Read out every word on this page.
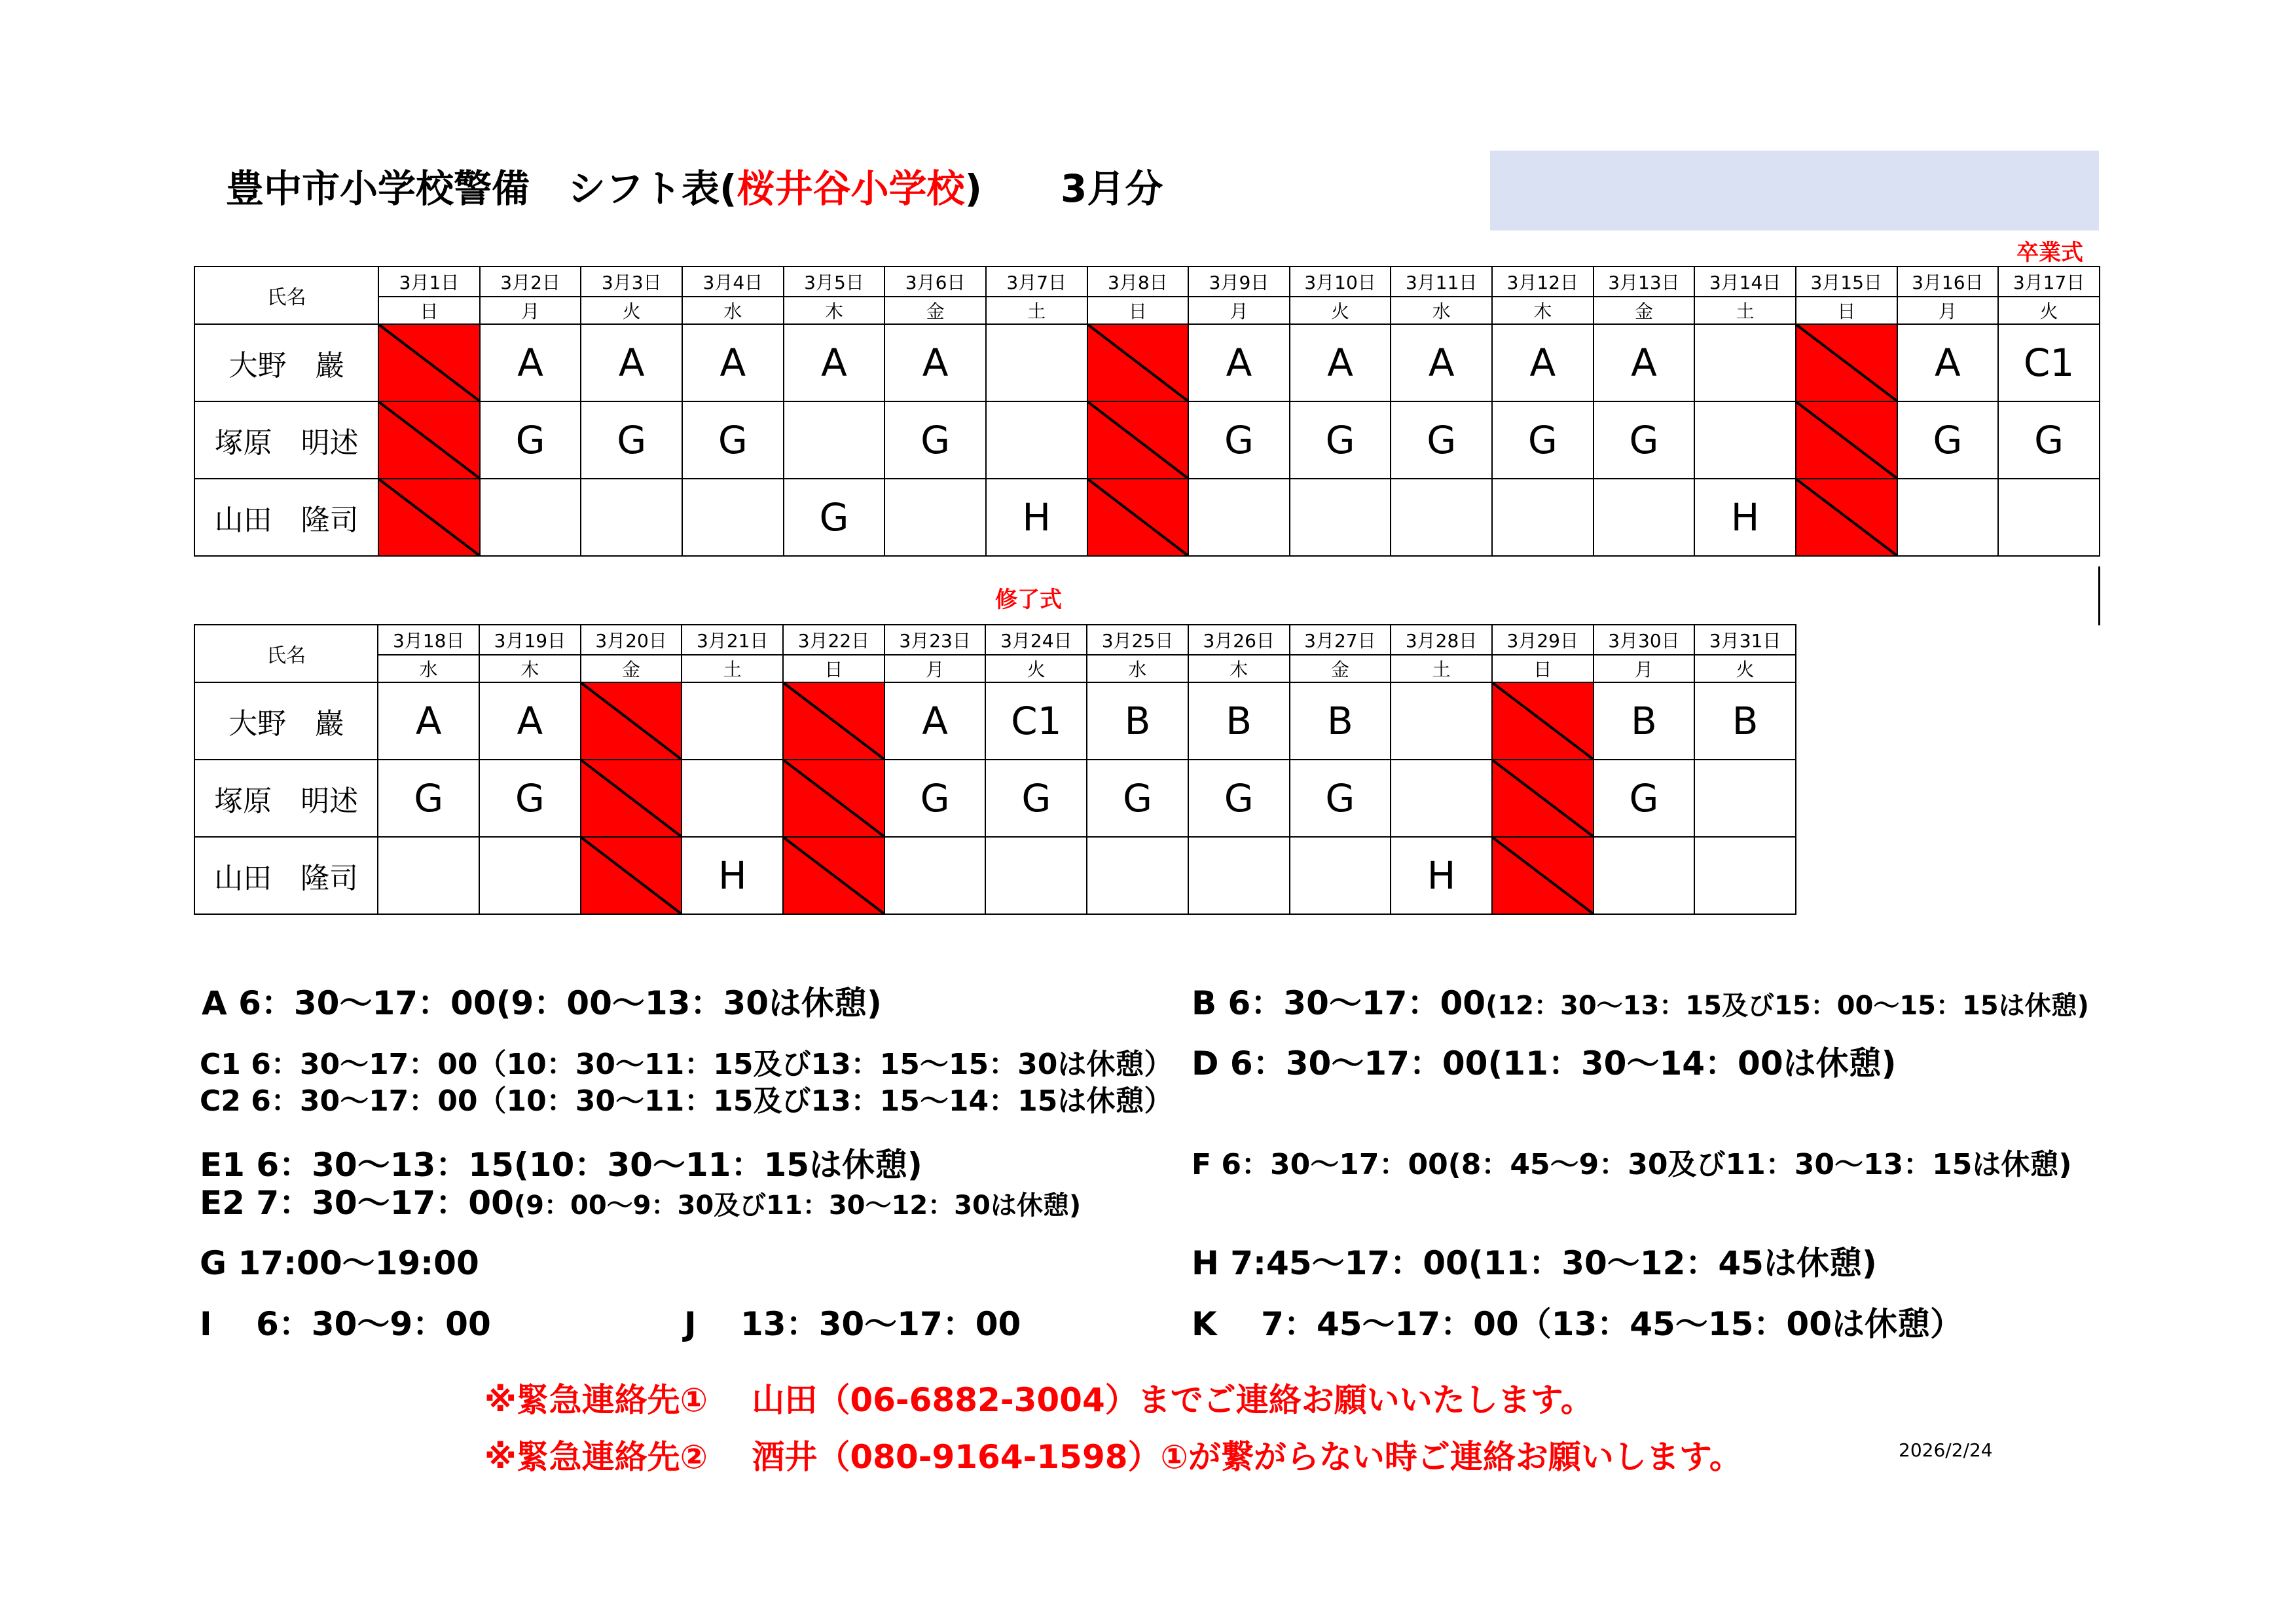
豊中市小学校警備　シフト表(桜井谷小学校) 3月分
卒業式
修了式
氏名	3月1日	3月2日	3月3日	3月4日	3月5日	3月6日	3月7日	3月8日	3月9日	3月10日	3月11日	3月12日	3月13日	3月14日	3月15日	3月16日	3月17日
	日	月	火	水	木	金	土	日	月	火	水	木	金	土	日	月	火
大野　巖		A	A	A	A	A			A	A	A	A	A			A	C1
塚原　明述		G	G	G		G			G	G	G	G	G			G	G
山田　隆司					G		H							H			
氏名	3月18日	3月19日	3月20日	3月21日	3月22日	3月23日	3月24日	3月25日	3月26日	3月27日	3月28日	3月29日	3月30日	3月31日
	水	木	金	土	日	月	火	水	木	金	土	日	月	火
大野　巖	A	A				A	C1	B	B	B			B	B
塚原　明述	G	G				G	G	G	G	G			G	
山田　隆司				H							H			
A 6：30～17：00(9：00～13：30は休憩)	B 6：30～17：00(12：30～13：15及び15：00～15：15は休憩)
C1 6：30～17：00（10：30～11：15及び13：15～15：30は休憩）
C2 6：30～17：00（10：30～11：15及び13：15～14：15は休憩）
D 6：30～17：00(11：30～14：00は休憩)
E1 6：30～13：15(10：30～11：15は休憩)
E2 7：30～17：00(9：00～9：30及び11：30～12：30は休憩)
F 6：30～17：00(8：45～9：30及び11：30～13：15は休憩)
G 17:00～19:00	H 7:45～17：00(11：30～12：45は休憩)
I　 6：30～9：00	J　 13：30～17：00	K　 7：45～17：00（13：45～15：00は休憩）
※緊急連絡先①　 山田（06-6882-3004）までご連絡お願いいたします。
※緊急連絡先②　 酒井（080-9164-1598）①が繋がらない時ご連絡お願いします。	2026/2/24
